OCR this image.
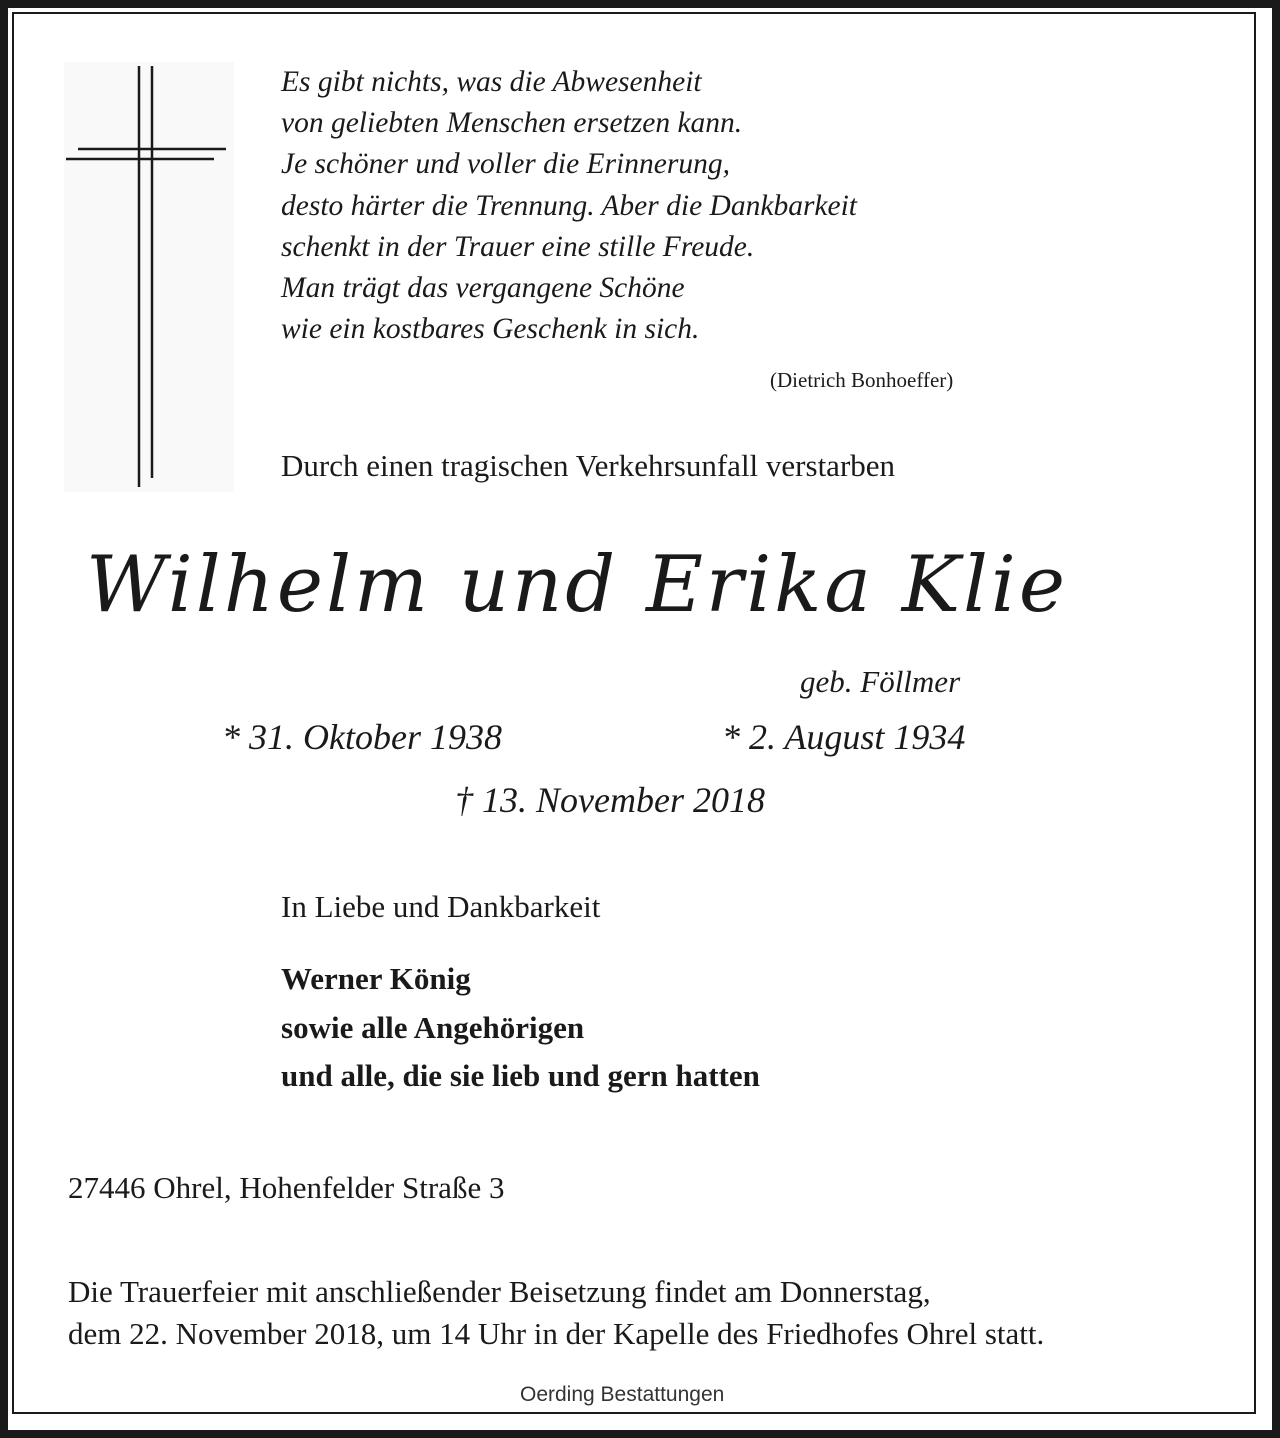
Es gibt nichts, was die Abwesenheit
von geliebten Menschen ersetzen kann.
Je schöner und voller die Erinnerung,
desto härter die Trennung. Aber die Dankbarkeit
schenkt in der Trauer eine stille Freude.
Man trägt das vergangene Schöne
wie ein kostbares Geschenk in sich.

(Dietrich Bonhoeffer)

Durch einen tragischen Verkehrsunfall verstarben

Wilhelm und Erika Klie

geb. Föllmer

* 31. Oktober 1938	* 2. August 1934

† 13. November 2018

In Liebe und Dankbarkeit

Werner König
sowie alle Angehörigen
und alle, die sie lieb und gern hatten

27446 Ohrel, Hohenfelder Straße 3

Die Trauerfeier mit anschließender Beisetzung findet am Donnerstag,
dem 22. November 2018, um 14 Uhr in der Kapelle des Friedhofes Ohrel statt.

Oerding Bestattungen
